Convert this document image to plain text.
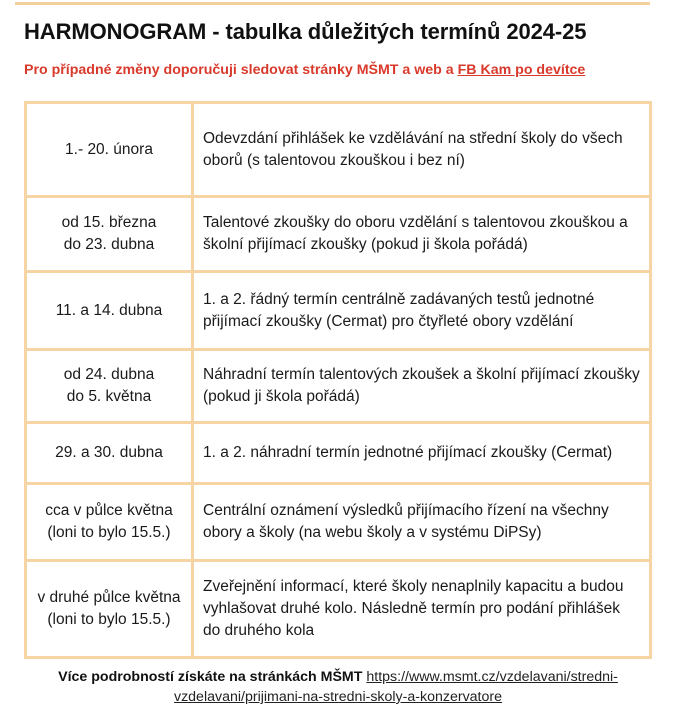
HARMONOGRAM - tabulka důležitých termínů 2024-25
Pro případné změny doporučuji sledovat stránky MŠMT a web a FB Kam po devítce
1.- 20. února	Odevzdání přihlášek ke vzdělávání na střední školy do všech oborů (s talentovou zkouškou i bez ní)
od 15. března
do 23. dubna	Talentové zkoušky do oboru vzdělání s talentovou zkouškou a školní přijímací zkoušky (pokud ji škola pořádá)
11. a 14. dubna	1. a 2. řádný termín centrálně zadávaných testů jednotné přijímací zkoušky (Cermat) pro čtyřleté obory vzdělání
od 24. dubna
do 5. května	Náhradní termín talentových zkoušek a školní přijímací zkoušky (pokud ji škola pořádá)
29. a 30. dubna	1. a 2. náhradní termín jednotné přijímací zkoušky (Cermat)
cca v půlce května
(loni to bylo 15.5.)	Centrální oznámení výsledků přijímacího řízení na všechny obory a školy (na webu školy a v systému DiPSy)
v druhé půlce května
(loni to bylo 15.5.)	Zveřejnění informací, které školy nenaplnily kapacitu a budou vyhlašovat druhé kolo. Následně termín pro podání přihlášek do druhého kola
Více podrobností získáte na stránkách MŠMT https://www.msmt.cz/vzdelavani/stredni-vzdelavani/prijimani-na-stredni-skoly-a-konzervatore
